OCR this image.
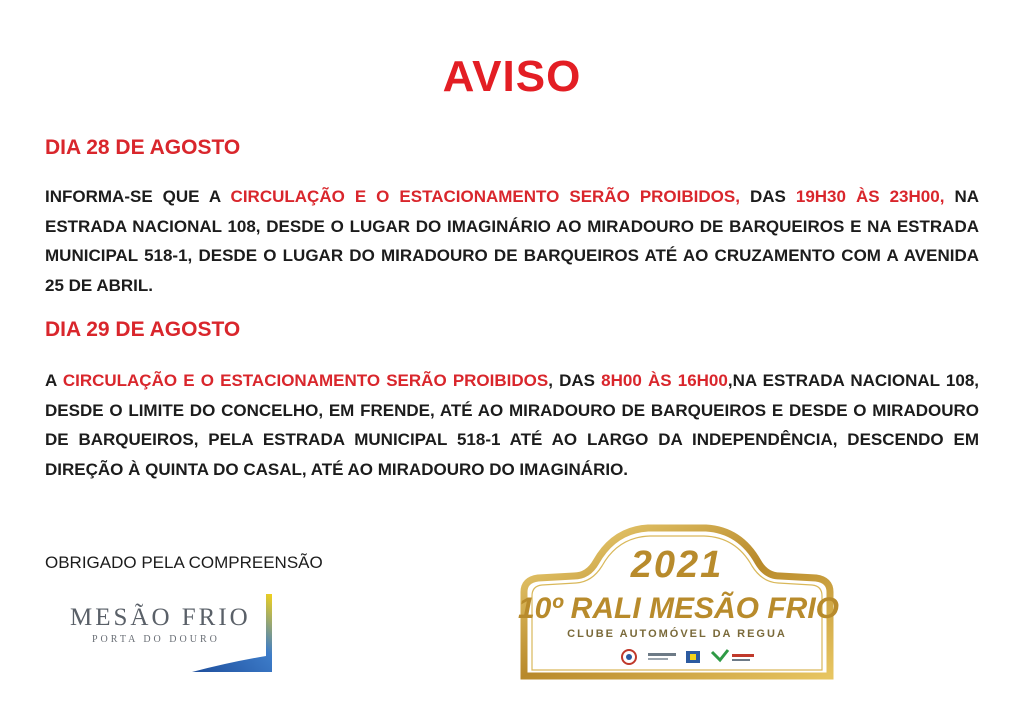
AVISO
DIA 28 DE AGOSTO
INFORMA-SE QUE A CIRCULAÇÃO E O ESTACIONAMENTO SERÃO PROIBIDOS, DAS 19H30 ÀS 23H00, NA ESTRADA NACIONAL 108, DESDE O LUGAR DO IMAGINÁRIO AO MIRADOURO DE BARQUEIROS E NA ESTRADA MUNICIPAL 518-1, DESDE O LUGAR DO MIRADOURO DE BARQUEIROS ATÉ AO CRUZAMENTO COM A AVENIDA 25 DE ABRIL.
DIA 29 DE AGOSTO
A CIRCULAÇÃO E O ESTACIONAMENTO SERÃO PROIBIDOS, DAS 8H00 ÀS 16H00,NA ESTRADA NACIONAL 108, DESDE O LIMITE DO CONCELHO, EM FRENDE, ATÉ AO MIRADOURO DE BARQUEIROS E DESDE O MIRADOURO DE BARQUEIROS, PELA ESTRADA MUNICIPAL 518-1 ATÉ AO LARGO DA INDEPENDÊNCIA, DESCENDO EM DIREÇÃO À QUINTA DO CASAL, ATÉ AO MIRADOURO DO IMAGINÁRIO.
OBRIGADO PELA COMPREENSÃO
MESÃO FRIO
PORTA DO DOURO
2021
10º RALI MESÃO FRIO
CLUBE AUTOMÓVEL DA REGUA
